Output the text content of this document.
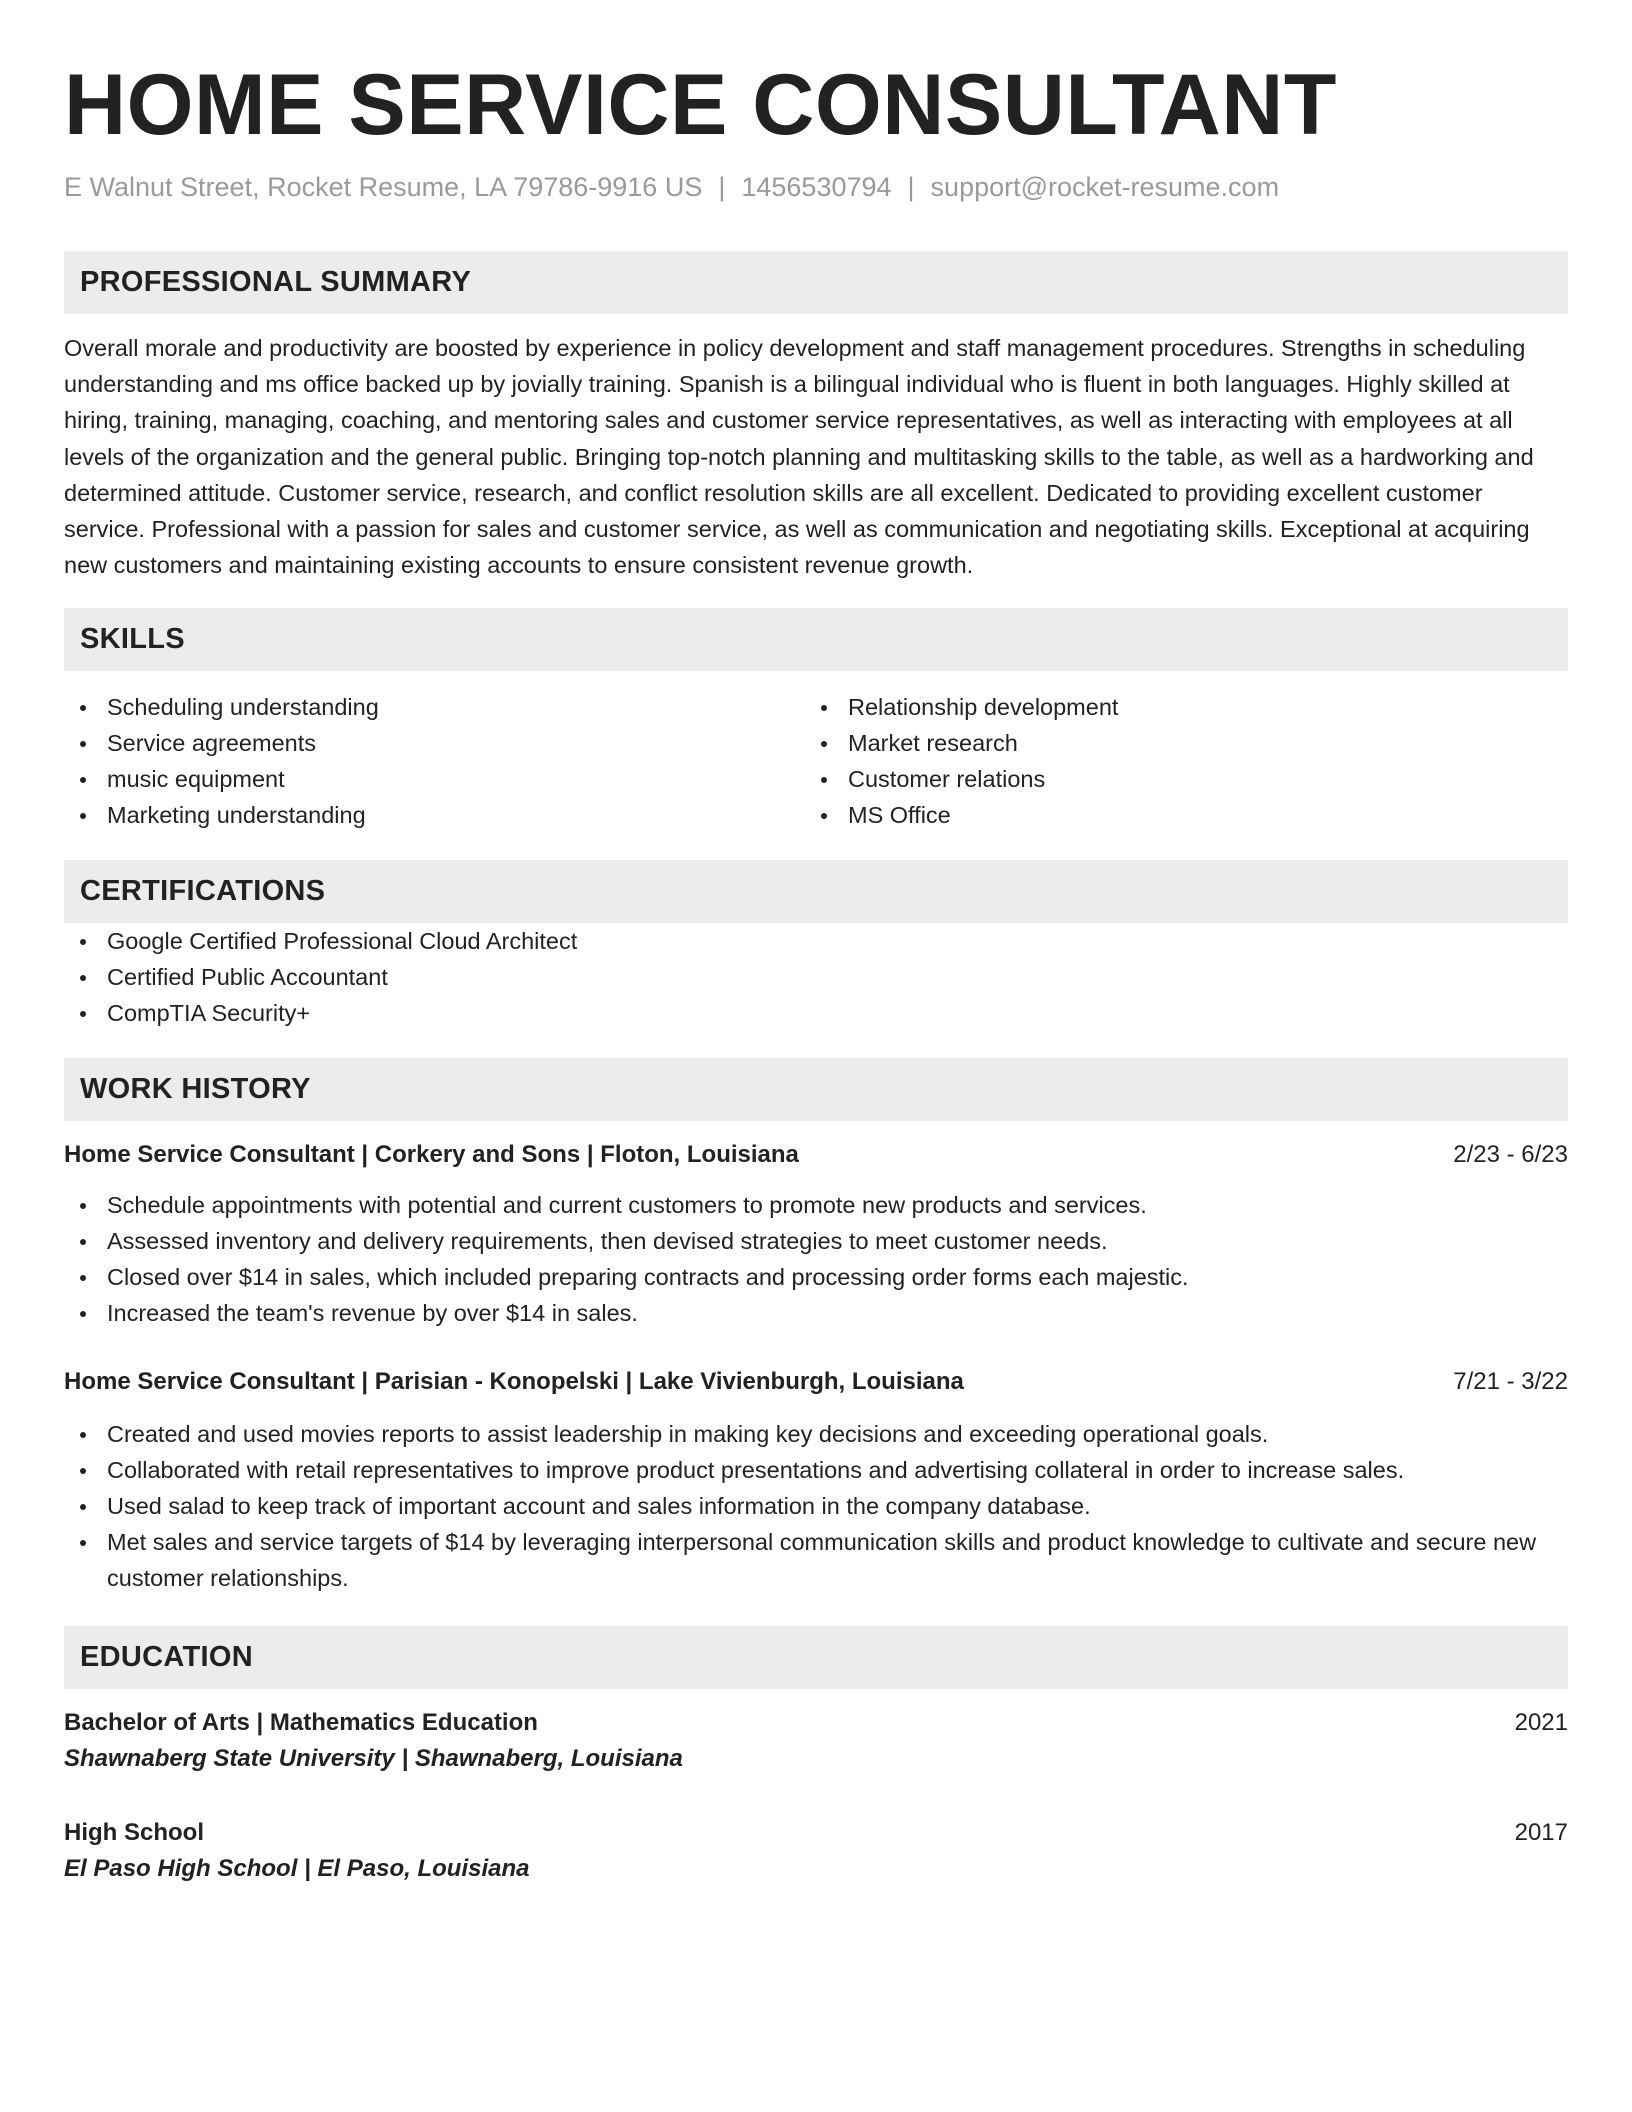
HOME SERVICE CONSULTANT
E Walnut Street, Rocket Resume, LA 79786-9916 US | 1456530794 | support@rocket-resume.com
PROFESSIONAL SUMMARY

Overall morale and productivity are boosted by experience in policy development and staff management procedures. Strengths in scheduling understanding and ms office backed up by jovially training. Spanish is a bilingual individual who is fluent in both languages. Highly skilled at hiring, training, managing, coaching, and mentoring sales and customer service representatives, as well as interacting with employees at all levels of the organization and the general public. Bringing top-notch planning and multitasking skills to the table, as well as a hardworking and determined attitude. Customer service, research, and conflict resolution skills are all excellent. Dedicated to providing excellent customer service. Professional with a passion for sales and customer service, as well as communication and negotiating skills. Exceptional at acquiring new customers and maintaining existing accounts to ensure consistent revenue growth.

SKILLS
Scheduling understanding
Service agreements
music equipment
Marketing understanding
Relationship development
Market research
Customer relations
MS Office
CERTIFICATIONS
Google Certified Professional Cloud Architect
Certified Public Accountant
CompTIA Security+
WORK HISTORY
Home Service Consultant | Corkery and Sons | Floton, Louisiana	2/23 - 6/23
Schedule appointments with potential and current customers to promote new products and services.
Assessed inventory and delivery requirements, then devised strategies to meet customer needs.
Closed over $14 in sales, which included preparing contracts and processing order forms each majestic.
Increased the team's revenue by over $14 in sales.
Home Service Consultant | Parisian - Konopelski | Lake Vivienburgh, Louisiana	7/21 - 3/22
Created and used movies reports to assist leadership in making key decisions and exceeding operational goals.
Collaborated with retail representatives to improve product presentations and advertising collateral in order to increase sales.
Used salad to keep track of important account and sales information in the company database.
Met sales and service targets of $14 by leveraging interpersonal communication skills and product knowledge to cultivate and secure new customer relationships.
EDUCATION
Bachelor of Arts | Mathematics Education	2021
Shawnaberg State University | Shawnaberg, Louisiana
High School	2017
El Paso High School | El Paso, Louisiana
